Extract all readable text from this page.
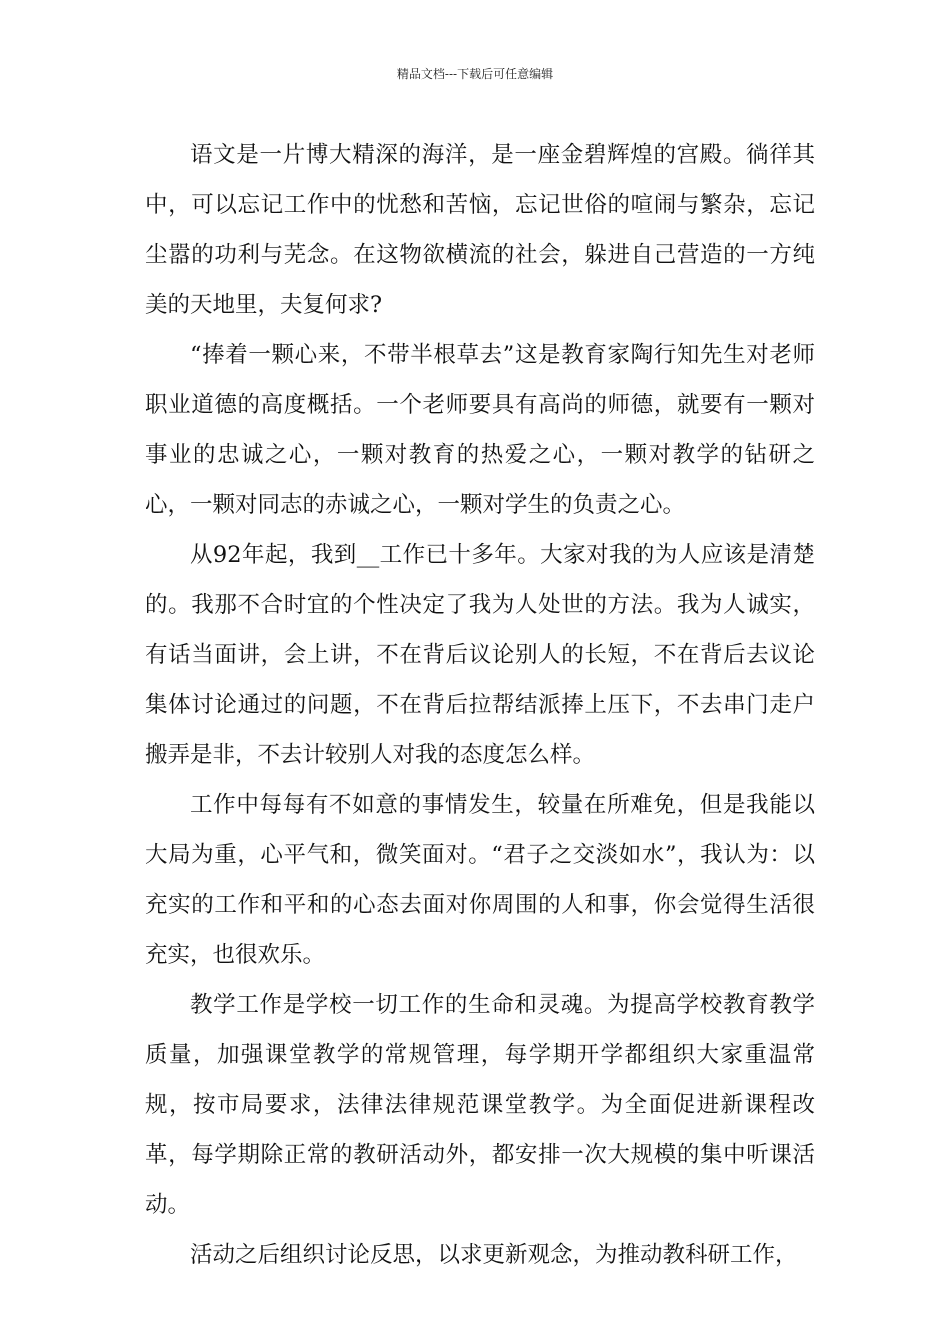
精品文档---下载后可任意编辑

语文是一片博大精深的海洋，是一座金碧辉煌的宫殿。徜徉其中，可以忘记工作中的忧愁和苦恼，忘记世俗的喧闹与繁杂，忘记尘嚣的功利与芜念。在这物欲横流的社会，躲进自己营造的一方纯美的天地里，夫复何求?

“捧着一颗心来，不带半根草去”这是教育家陶行知先生对老师职业道德的高度概括。一个老师要具有高尚的师德，就要有一颗对事业的忠诚之心，一颗对教育的热爱之心，一颗对教学的钻研之心，一颗对同志的赤诚之心，一颗对学生的负责之心。

从92年起，我到__工作已十多年。大家对我的为人应该是清楚的。我那不合时宜的个性决定了我为人处世的方法。我为人诚实，有话当面讲，会上讲，不在背后议论别人的长短，不在背后去议论集体讨论通过的问题，不在背后拉帮结派捧上压下，不去串门走户搬弄是非，不去计较别人对我的态度怎么样。

工作中每每有不如意的事情发生，较量在所难免，但是我能以大局为重，心平气和，微笑面对。“君子之交淡如水”，我认为：以充实的工作和平和的心态去面对你周围的人和事，你会觉得生活很充实，也很欢乐。

教学工作是学校一切工作的生命和灵魂。为提高学校教育教学质量，加强课堂教学的常规管理，每学期开学都组织大家重温常规，按市局要求，法律法律规范课堂教学。为全面促进新课程改革，每学期除正常的教研活动外，都安排一次大规模的集中听课活动。

活动之后组织讨论反思，以求更新观念，为推动教科研工作，
